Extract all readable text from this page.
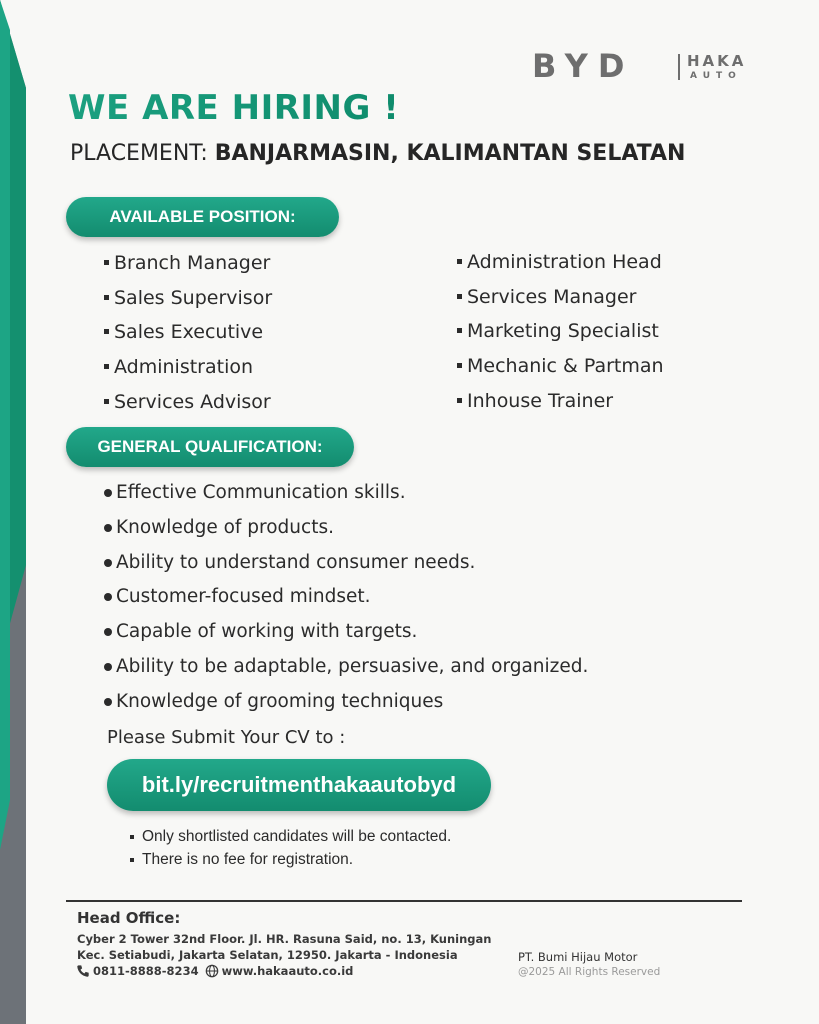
BYD	HAKA
AUTO
WE ARE HIRING !
PLACEMENT: BANJARMASIN, KALIMANTAN SELATAN
AVAILABLE POSITION:
Branch Manager
Sales Supervisor
Sales Executive
Administration
Services Advisor
Administration Head
Services Manager
Marketing Specialist
Mechanic & Partman
Inhouse Trainer
GENERAL QUALIFICATION:
Effective Communication skills.
Knowledge of products.
Ability to understand consumer needs.
Customer-focused mindset.
Capable of working with targets.
Ability to be adaptable, persuasive, and organized.
Knowledge of grooming techniques
Please Submit Your CV to :
bit.ly/recruitmenthakaautobyd
Only shortlisted candidates will be contacted.
There is no fee for registration.
Head Office:
Cyber 2 Tower 32nd Floor. Jl. HR. Rasuna Said, no. 13, Kuningan
Kec. Setiabudi, Jakarta Selatan, 12950. Jakarta - Indonesia
0811-8888-8234 www.hakaauto.co.id
PT. Bumi Hijau Motor
@2025 All Rights Reserved
